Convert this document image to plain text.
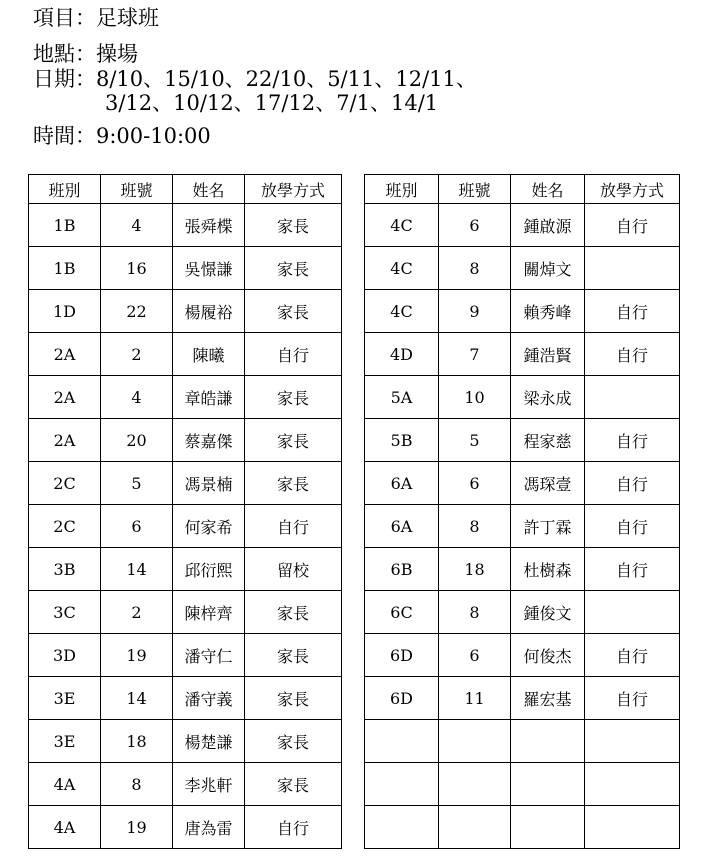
項目：足球班
地點：操場
日期：8/10、15/10、22/10、5/11、12/11、
3/12、10/12、17/12、7/1、14/1
時間：9:00-10:00
班別	班號	姓名	放學方式
1B	4	張舜楪	家長
1B	16	吳憬謙	家長
1D	22	楊履裕	家長
2A	2	陳曦	自行
2A	4	章皓謙	家長
2A	20	蔡嘉傑	家長
2C	5	馮景楠	家長
2C	6	何家希	自行
3B	14	邱衍熙	留校
3C	2	陳梓齊	家長
3D	19	潘守仁	家長
3E	14	潘守義	家長
3E	18	楊楚謙	家長
4A	8	李兆軒	家長
4A	19	唐為雷	自行
班別	班號	姓名	放學方式
4C	6	鍾啟源	自行
4C	8	關焯文	
4C	9	賴秀峰	自行
4D	7	鍾浩賢	自行
5A	10	梁永成	
5B	5	程家慈	自行
6A	6	馮琛壹	自行
6A	8	許丁霖	自行
6B	18	杜樹森	自行
6C	8	鍾俊文	
6D	6	何俊杰	自行
6D	11	羅宏基	自行
